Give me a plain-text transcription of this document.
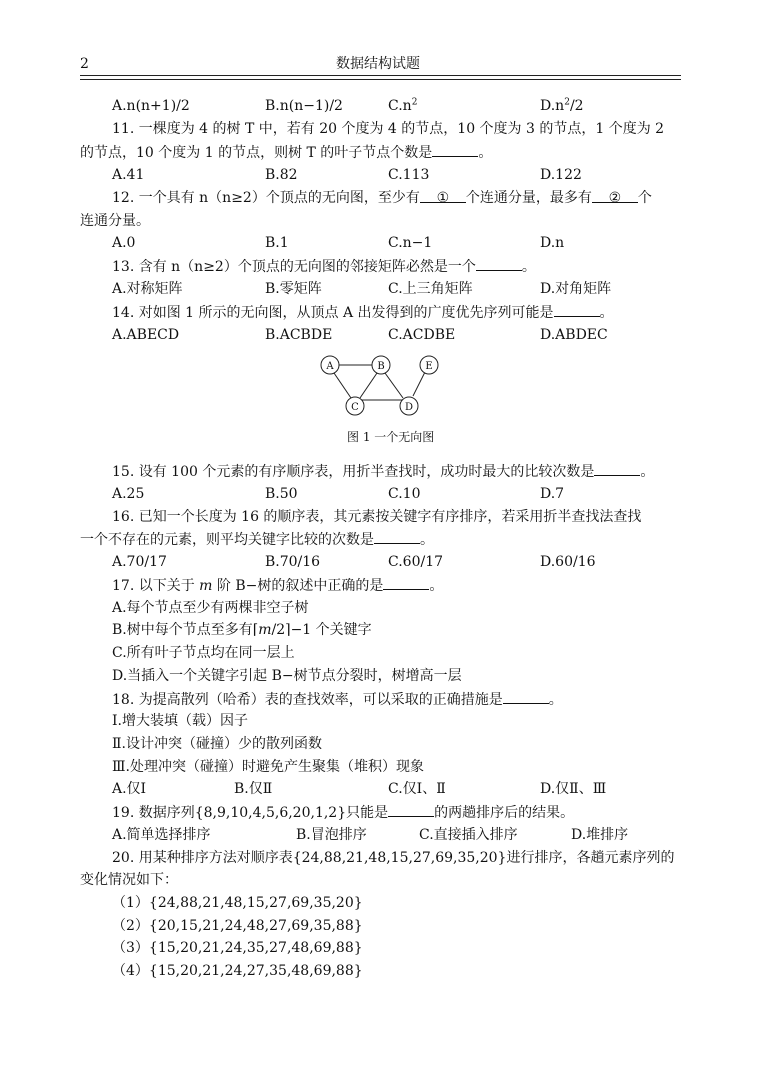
2	数据结构试题
A.n(n+1)/2	B.n(n−1)/2	$C.n^2$	$D.n^2/2$
11. 一棵度为 4 的树 T 中，若有 20 个度为 4 的节点，10 个度为 3 的节点，1 个度为 2
的节点，10 个度为 1 的节点，则树 T 的叶子节点个数是	。
A.41	B.82	C.113	D.122
12. 一个具有 n（n≥2）个顶点的无向图，至少有 ① 个连通分量，最多有 ② 个
连通分量。
A.0	B.1	C.n−1	D.n
13. 含有 n（n≥2）个顶点的无向图的邻接矩阵必然是一个	。
A.对称矩阵	B.零矩阵	C.上三角矩阵	D.对角矩阵
14. 对如图 1 所示的无向图，从顶点 A 出发得到的广度优先序列可能是	。
A.ABECD	B.ACBDE	C.ACDBE	D.ABDEC
A	B	E
C	D
图 1 一个无向图
15. 设有 100 个元素的有序顺序表，用折半查找时，成功时最大的比较次数是	。
A.25	B.50	C.10	D.7
16. 已知一个长度为 16 的顺序表，其元素按关键字有序排序，若采用折半查找法查找
一个不存在的元素，则平均关键字比较的次数是	。
A.70/17	B.70/16	C.60/17	D.60/16
17. 以下关于 m 阶 B−树的叙述中正确的是	。
A.每个节点至少有两棵非空子树
B.树中每个节点至多有⌈m/2⌉−1 个关键字
C.所有叶子节点均在同一层上
D.当插入一个关键字引起 B−树节点分裂时，树增高一层
18. 为提高散列（哈希）表的查找效率，可以采取的正确措施是	。
Ⅰ.增大装填（载）因子
Ⅱ.设计冲突（碰撞）少的散列函数
Ⅲ.处理冲突（碰撞）时避免产生聚集（堆积）现象
A.仅Ⅰ	B.仅Ⅱ	C.仅Ⅰ、Ⅱ	D.仅Ⅱ、Ⅲ
19. 数据序列{8,9,10,4,5,6,20,1,2}只能是	的两趟排序后的结果。
A.简单选择排序	B.冒泡排序	C.直接插入排序	D.堆排序
20. 用某种排序方法对顺序表{24,88,21,48,15,27,69,35,20}进行排序，各趟元素序列的
变化情况如下：
（1）{24,88,21,48,15,27,69,35,20}
（2）{20,15,21,24,48,27,69,35,88}
（3）{15,20,21,24,35,27,48,69,88}
（4）{15,20,21,24,27,35,48,69,88}
